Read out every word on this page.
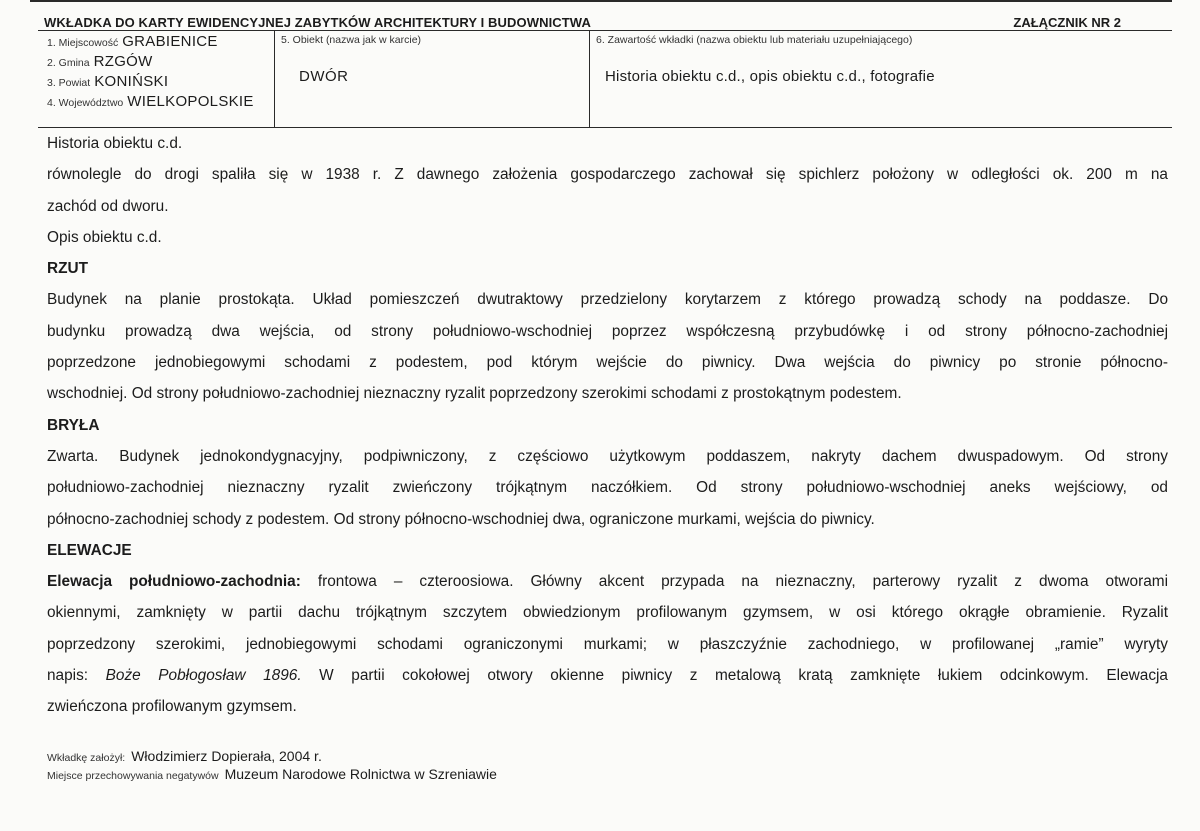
WKŁADKA DO KARTY EWIDENCYJNEJ ZABYTKÓW ARCHITEKTURY I BUDOWNICTWA	ZAŁĄCZNIK NR 2
1. Miejscowość GRABIENICE
2. Gmina RZGÓW
3. Powiat KONIŃSKI
4. Województwo WIELKOPOLSKIE
5. Obiekt (nazwa jak w karcie)
DWÓR
6. Zawartość wkładki (nazwa obiektu lub materiału uzupełniającego)
Historia obiektu c.d., opis obiektu c.d., fotografie
Historia obiektu c.d.
równolegle do drogi spaliła się w 1938 r. Z dawnego założenia gospodarczego zachował się spichlerz położony w odległości ok. 200 m na
zachód od dworu.
Opis obiektu c.d.
RZUT
Budynek na planie prostokąta. Układ pomieszczeń dwutraktowy przedzielony korytarzem z którego prowadzą schody na poddasze. Do
budynku prowadzą dwa wejścia, od strony południowo-wschodniej poprzez współczesną przybudówkę i od strony północno-zachodniej
poprzedzone jednobiegowymi schodami z podestem, pod którym wejście do piwnicy. Dwa wejścia do piwnicy po stronie północno-
wschodniej. Od strony południowo-zachodniej nieznaczny ryzalit poprzedzony szerokimi schodami z prostokątnym podestem.
BRYŁA
Zwarta. Budynek jednokondygnacyjny, podpiwniczony, z częściowo użytkowym poddaszem, nakryty dachem dwuspadowym. Od strony
południowo-zachodniej nieznaczny ryzalit zwieńczony trójkątnym naczółkiem. Od strony południowo-wschodniej aneks wejściowy, od
północno-zachodniej schody z podestem. Od strony północno-wschodniej dwa, ograniczone murkami, wejścia do piwnicy.
ELEWACJE
Elewacja południowo-zachodnia: frontowa – czteroosiowa. Główny akcent przypada na nieznaczny, parterowy ryzalit z dwoma otworami
okiennymi, zamknięty w partii dachu trójkątnym szczytem obwiedzionym profilowanym gzymsem, w osi którego okrągłe obramienie. Ryzalit
poprzedzony szerokimi, jednobiegowymi schodami ograniczonymi murkami; w płaszczyźnie zachodniego, w profilowanej „ramie” wyryty
napis: Boże Pobłogosław 1896. W partii cokołowej otwory okienne piwnicy z metalową kratą zamknięte łukiem odcinkowym. Elewacja
zwieńczona profilowanym gzymsem.
Wkładkę założył: Włodzimierz Dopierała, 2004 r.
Miejsce przechowywania negatywów Muzeum Narodowe Rolnictwa w Szreniawie
